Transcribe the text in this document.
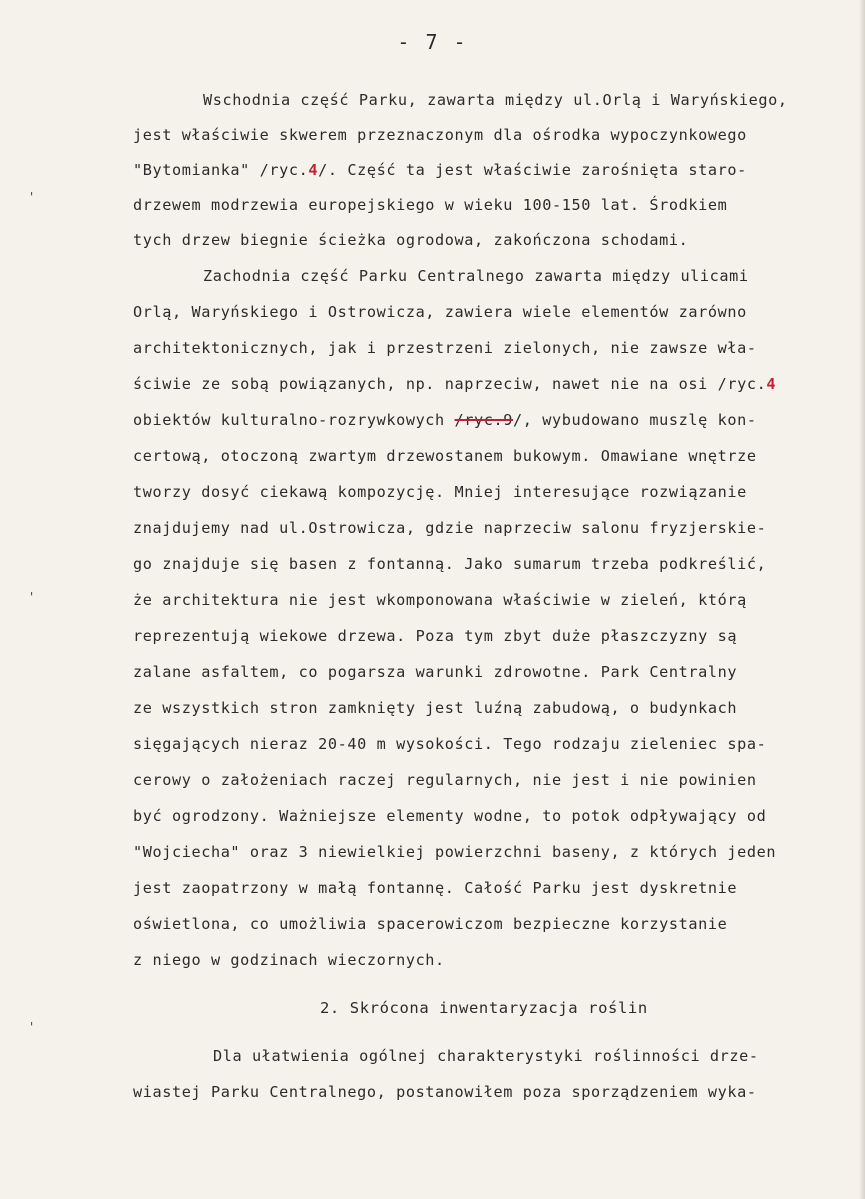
- 7 -
Wschodnia część Parku, zawarta między ul.Orlą i Waryńskiego,
jest właściwie skwerem przeznaczonym dla ośrodka wypoczynkowego
"Bytomianka" /ryc.4/. Część ta jest właściwie zarośnięta staro-
drzewem modrzewia europejskiego w wieku 100-150 lat. Środkiem
tych drzew biegnie ścieżka ogrodowa, zakończona schodami.
Zachodnia część Parku Centralnego zawarta między ulicami
Orlą, Waryńskiego i Ostrowicza, zawiera wiele elementów zarówno
architektonicznych, jak i przestrzeni zielonych, nie zawsze wła-
ściwie ze sobą powiązanych, np. naprzeciw, nawet nie na osi /ryc.4
obiektów kulturalno-rozrywkowych /ryc.9/, wybudowano muszlę kon-
certową, otoczoną zwartym drzewostanem bukowym. Omawiane wnętrze
tworzy dosyć ciekawą kompozycję. Mniej interesujące rozwiązanie
znajdujemy nad ul.Ostrowicza, gdzie naprzeciw salonu fryzjerskie-
go znajduje się basen z fontanną. Jako sumarum trzeba podkreślić,
że architektura nie jest wkomponowana właściwie w zieleń, którą
reprezentują wiekowe drzewa. Poza tym zbyt duże płaszczyzny są
zalane asfaltem, co pogarsza warunki zdrowotne. Park Centralny
ze wszystkich stron zamknięty jest luźną zabudową, o budynkach
sięgających nieraz 20-40 m wysokości. Tego rodzaju zieleniec spa-
cerowy o założeniach raczej regularnych, nie jest i nie powinien
być ogrodzony. Ważniejsze elementy wodne, to potok odpływający od
"Wojciecha" oraz 3 niewielkiej powierzchni baseny, z których jeden
jest zaopatrzony w małą fontannę. Całość Parku jest dyskretnie
oświetlona, co umożliwia spacerowiczom bezpieczne korzystanie
z niego w godzinach wieczornych.
2. Skrócona inwentaryzacja roślin
Dla ułatwienia ogólnej charakterystyki roślinności drze-
wiastej Parku Centralnego, postanowiłem poza sporządzeniem wyka-
'
'
'
